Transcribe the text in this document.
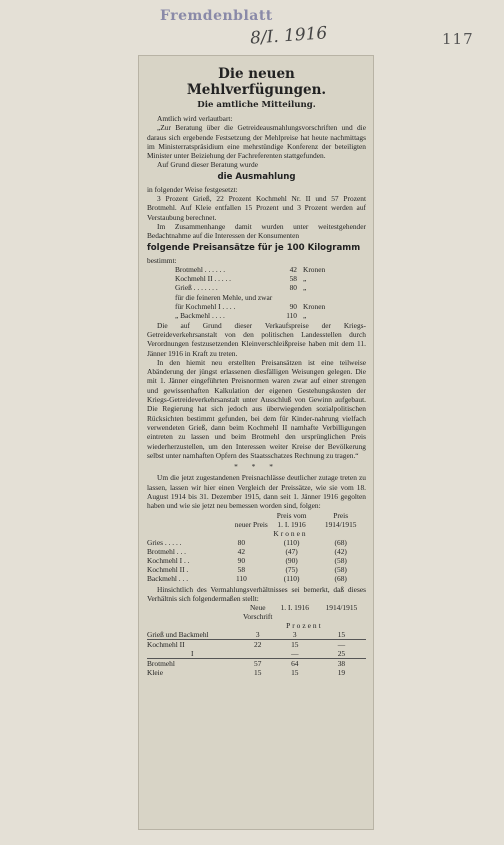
Fremdenblatt
8/I. 1916	117
Die neuen Mehlverfügungen.
Die amtliche Mitteilung.

Amtlich wird verlautbart:

„Zur Beratung über die Getreideausmahlungsvorschriften und die daraus sich ergebende Festsetzung der Mehlpreise hat heute nachmittags im Ministerratspräsidium eine mehrstündige Konferenz der beteiligten Minister unter Beiziehung der Fachreferenten stattgefunden.

Auf Grund dieser Beratung wurde

die Ausmahlung

in folgender Weise festgesetzt:

3 Prozent Grieß, 22 Prozent Kochmehl Nr. II und 57 Prozent Brotmehl. Auf Kleie entfallen 15 Prozent und 3 Prozent werden auf Verstaubung berechnet.

Im Zusammenhange damit wurden unter weitestgehender Bedachtnahme auf die Interessen der Konsumenten

folgende Preisansätze für je 100 Kilogramm

bestimmt:

Brotmehl . . . . . .	42 Kronen
Kochmehl II . . . . .	58 „
Grieß . . . . . . .	80 „

für die feineren Mehle, und zwar

für Kochmehl I . . . .	90 Kronen
„ Backmehl . . . .	110 „

Die auf Grund dieser Verkaufspreise der Kriegs-Getreideverkehrsanstalt von den politischen Landesstellen durch Verordnungen festzusetzenden Kleinverschleißpreise haben mit dem 11. Jänner 1916 in Kraft zu treten.

In den hiemit neu erstellten Preisansätzen ist eine teilweise Abänderung der jüngst erlassenen diesfälligen Weisungen gelegen. Die mit 1. Jänner eingeführten Preisnormen waren zwar auf einer strengen und gewissenhaften Kalkulation der eigenen Gestehungskosten der Kriegs-Getreideverkehrsanstalt unter Ausschluß von Gewinn aufgebaut. Die Regierung hat sich jedoch aus überwiegenden sozialpolitischen Rücksichten bestimmt gefunden, bei dem für Kinder-nahrung vielfach verwendeten Grieß, dann beim Kochmehl II namhafte Verbilligungen eintreten zu lassen und beim Brotmehl den ursprünglichen Preis wiederherzustellen, um den Interessen weiter Kreise der Bevölkerung selbst unter namhaften Opfern des Staatsschatzes Rechnung zu tragen.“

* * *

Um die jetzt zugestandenen Preisnachlässe deutlicher zutage treten zu lassen, lassen wir hier einen Vergleich der Preissätze, wie sie vom 18. August 1914 bis 31. Dezember 1915, dann seit 1. Jänner 1916 gegolten haben und wie sie jetzt neu bemessen worden sind, folgen:

		Preis vom	Preis
	neuer Preis	1. I. 1916	1914/1915
	Kronen		
Gries . . . . .	80	(110)	(68)
Brotmehl . . .	42	(47)	(42)
Kochmehl I . .	90	(90)	(58)
Kochmehl II .	58	(75)	(58)
Backmehl . . .	110	(110)	(68)

Hinsichtlich des Vermahlungsverhältnisses sei bemerkt, daß dieses Verhältnis sich folgendermaßen stellt:

	Neue Vorschrift	1. I. 1916	1914/1915
	Prozent		
Grieß und Backmehl	3	3	15
Kochmehl II	22	15	—
I		—	25
Brotmehl	57	64	38
Kleie	15	15	19
